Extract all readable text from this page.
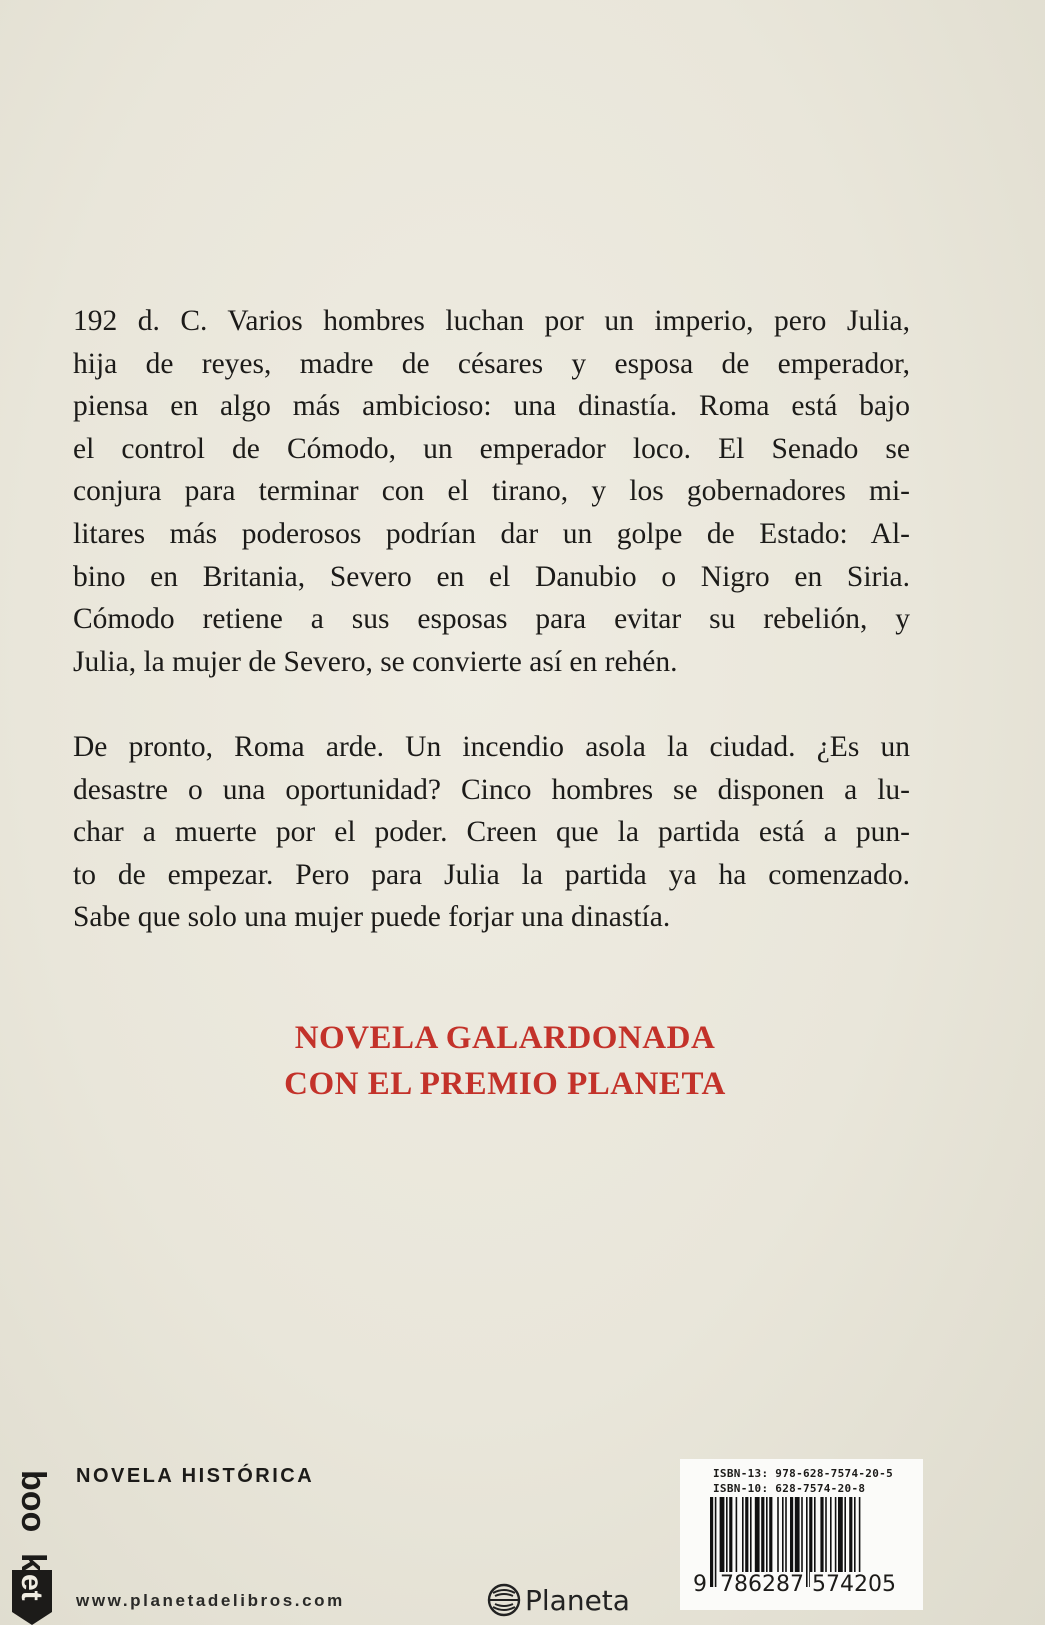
192 d. C. Varios hombres luchan por un imperio, pero Julia,
hija de reyes, madre de césares y esposa de emperador,
piensa en algo más ambicioso: una dinastía. Roma está bajo
el control de Cómodo, un emperador loco. El Senado se
conjura para terminar con el tirano, y los gobernadores mi-
litares más poderosos podrían dar un golpe de Estado: Al-
bino en Britania, Severo en el Danubio o Nigro en Siria.
Cómodo retiene a sus esposas para evitar su rebelión, y
Julia, la mujer de Severo, se convierte así en rehén.
De pronto, Roma arde. Un incendio asola la ciudad. ¿Es un
desastre o una oportunidad? Cinco hombres se disponen a lu-
char a muerte por el poder. Creen que la partida está a pun-
to de empezar. Pero para Julia la partida ya ha comenzado.
Sabe que solo una mujer puede forjar una dinastía.
NOVELA GALARDONADA
CON EL PREMIO PLANETA
boo
k
et
NOVELA HISTÓRICA
www.planetadelibros.com	Planeta
ISBN-13: 978-628-7574-20-5
ISBN-10: 628-7574-20-8
9 786287 574205
